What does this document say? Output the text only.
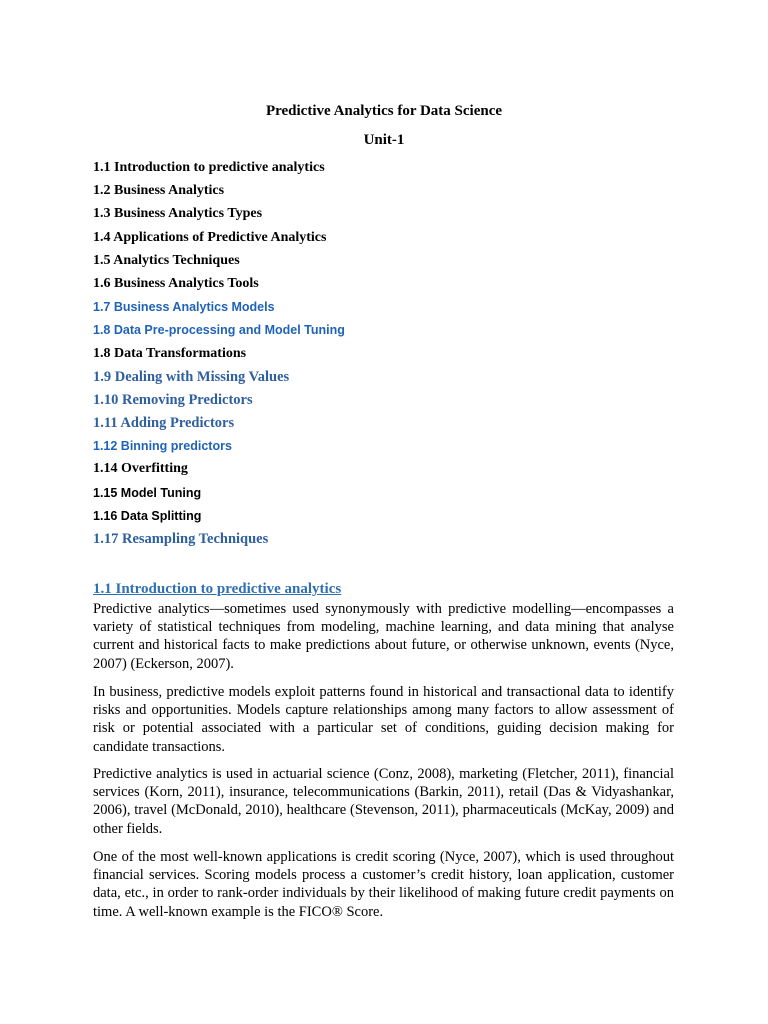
Predictive Analytics for Data Science
Unit-1
1.1 Introduction to predictive analytics
1.2 Business Analytics
1.3 Business Analytics Types
1.4 Applications of Predictive Analytics
1.5 Analytics Techniques
1.6 Business Analytics Tools
1.7 Business Analytics Models
1.8 Data Pre-processing and Model Tuning
1.8 Data Transformations
1.9 Dealing with Missing Values
1.10 Removing Predictors
1.11 Adding Predictors
1.12 Binning predictors
1.14 Overfitting
1.15 Model Tuning
1.16 Data Splitting
1.17 Resampling Techniques
1.1 Introduction to predictive analytics

Predictive analytics—sometimes used synonymously with predictive modelling—encompasses a variety of statistical techniques from modeling, machine learning, and data mining that analyse current and historical facts to make predictions about future, or otherwise unknown, events (Nyce, 2007) (Eckerson, 2007).

In business, predictive models exploit patterns found in historical and transactional data to identify risks and opportunities. Models capture relationships among many factors to allow assessment of risk or potential associated with a particular set of conditions, guiding decision making for candidate transactions.

Predictive analytics is used in actuarial science (Conz, 2008), marketing (Fletcher, 2011), financial services (Korn, 2011), insurance, telecommunications (Barkin, 2011), retail (Das & Vidyashankar, 2006), travel (McDonald, 2010), healthcare (Stevenson, 2011), pharmaceuticals (McKay, 2009) and other fields.

One of the most well-known applications is credit scoring (Nyce, 2007), which is used throughout financial services. Scoring models process a customer’s credit history, loan application, customer data, etc., in order to rank-order individuals by their likelihood of making future credit payments on time. A well-known example is the FICO® Score.
